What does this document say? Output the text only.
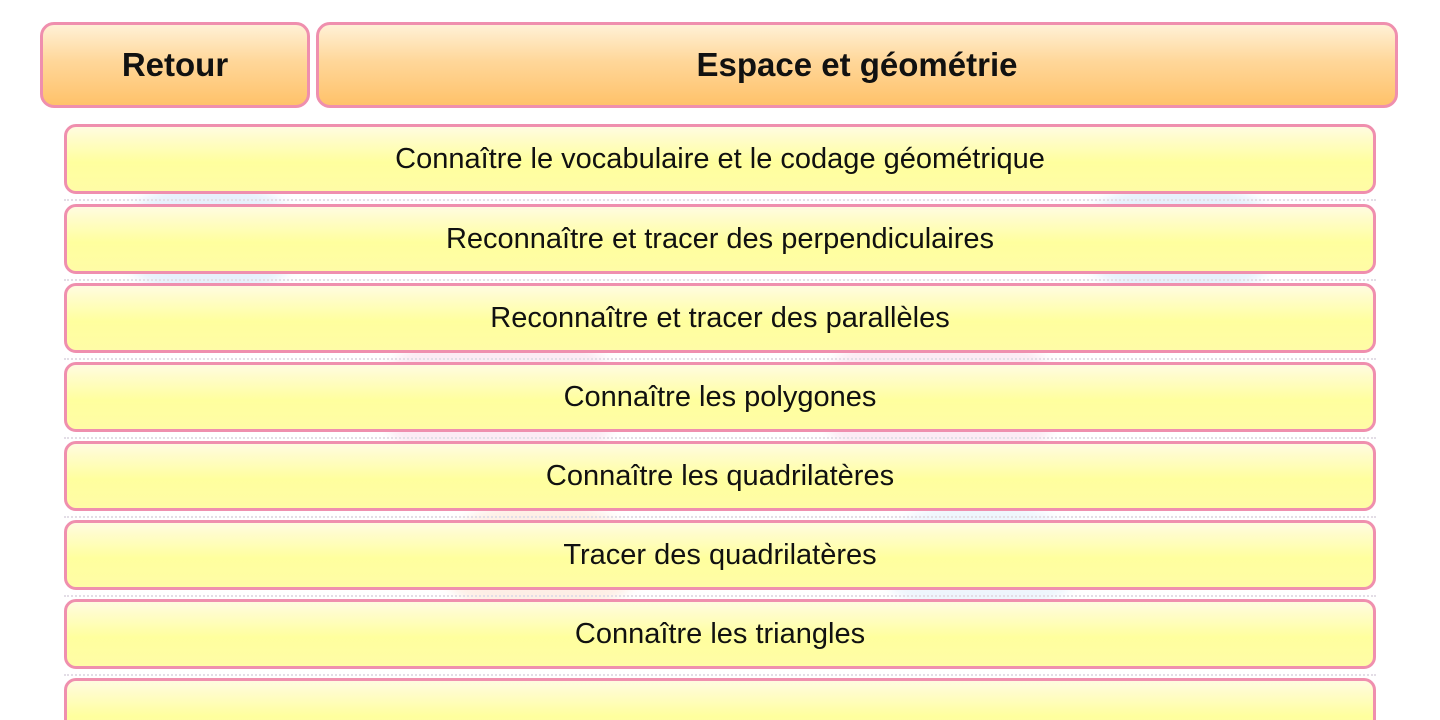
Retour	Espace et géométrie
Connaître le vocabulaire et le codage géométrique
Reconnaître et tracer des perpendiculaires
Reconnaître et tracer des parallèles
Connaître les polygones
Connaître les quadrilatères
Tracer des quadrilatères
Connaître les triangles
